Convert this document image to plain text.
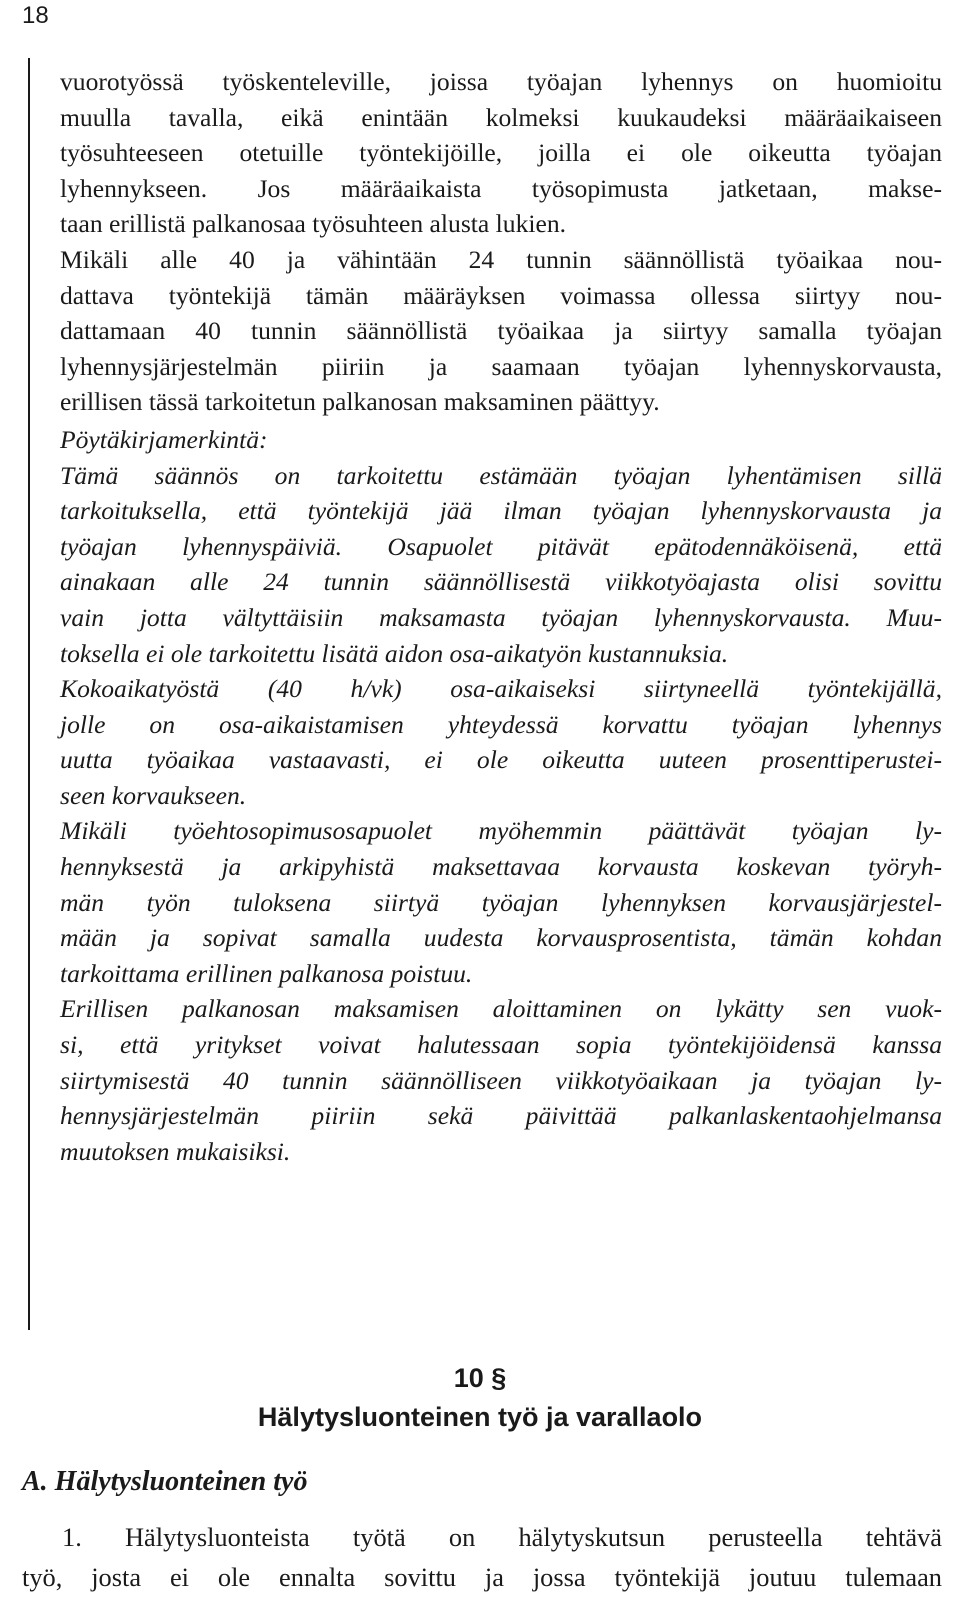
18
vuorotyössä työskenteleville, joissa työajan lyhennys on huomioitu
muulla tavalla, eikä enintään kolmeksi kuukaudeksi määräaikaiseen
työsuhteeseen otetuille työntekijöille, joilla ei ole oikeutta työajan
lyhennykseen. Jos määräaikaista työsopimusta jatketaan, makse-
taan erillistä palkanosaa työsuhteen alusta lukien.
Mikäli alle 40 ja vähintään 24 tunnin säännöllistä työaikaa nou-
dattava työntekijä tämän määräyksen voimassa ollessa siirtyy nou-
dattamaan 40 tunnin säännöllistä työaikaa ja siirtyy samalla työajan
lyhennysjärjestelmän piiriin ja saamaan työajan lyhennyskorvausta,
erillisen tässä tarkoitetun palkanosan maksaminen päättyy.
Pöytäkirjamerkintä:
Tämä säännös on tarkoitettu estämään työajan lyhentämisen sillä
tarkoituksella, että työntekijä jää ilman työajan lyhennyskorvausta ja
työajan lyhennyspäiviä. Osapuolet pitävät epätodennäköisenä, että
ainakaan alle 24 tunnin säännöllisestä viikkotyöajasta olisi sovittu
vain jotta vältyttäisiin maksamasta työajan lyhennyskorvausta. Muu-
toksella ei ole tarkoitettu lisätä aidon osa-aikatyön kustannuksia.
Kokoaikatyöstä (40 h/vk) osa-aikaiseksi siirtyneellä työntekijällä,
jolle on osa-aikaistamisen yhteydessä korvattu työajan lyhennys
uutta työaikaa vastaavasti, ei ole oikeutta uuteen prosenttiperustei-
seen korvaukseen.
Mikäli työehtosopimusosapuolet myöhemmin päättävät työajan ly-
hennyksestä ja arkipyhistä maksettavaa korvausta koskevan työryh-
män työn tuloksena siirtyä työajan lyhennyksen korvausjärjestel-
mään ja sopivat samalla uudesta korvausprosentista, tämän kohdan
tarkoittama erillinen palkanosa poistuu.
Erillisen palkanosan maksamisen aloittaminen on lykätty sen vuok-
si, että yritykset voivat halutessaan sopia työntekijöidensä kanssa
siirtymisestä 40 tunnin säännölliseen viikkotyöaikaan ja työajan ly-
hennysjärjestelmän piiriin sekä päivittää palkanlaskentaohjelmansa
muutoksen mukaisiksi.
10 §
Hälytysluonteinen työ ja varallaolo
A. Hälytysluonteinen työ
1. Hälytysluonteista työtä on hälytyskutsun perusteella tehtävä
työ, josta ei ole ennalta sovittu ja jossa työntekijä joutuu tulemaan
